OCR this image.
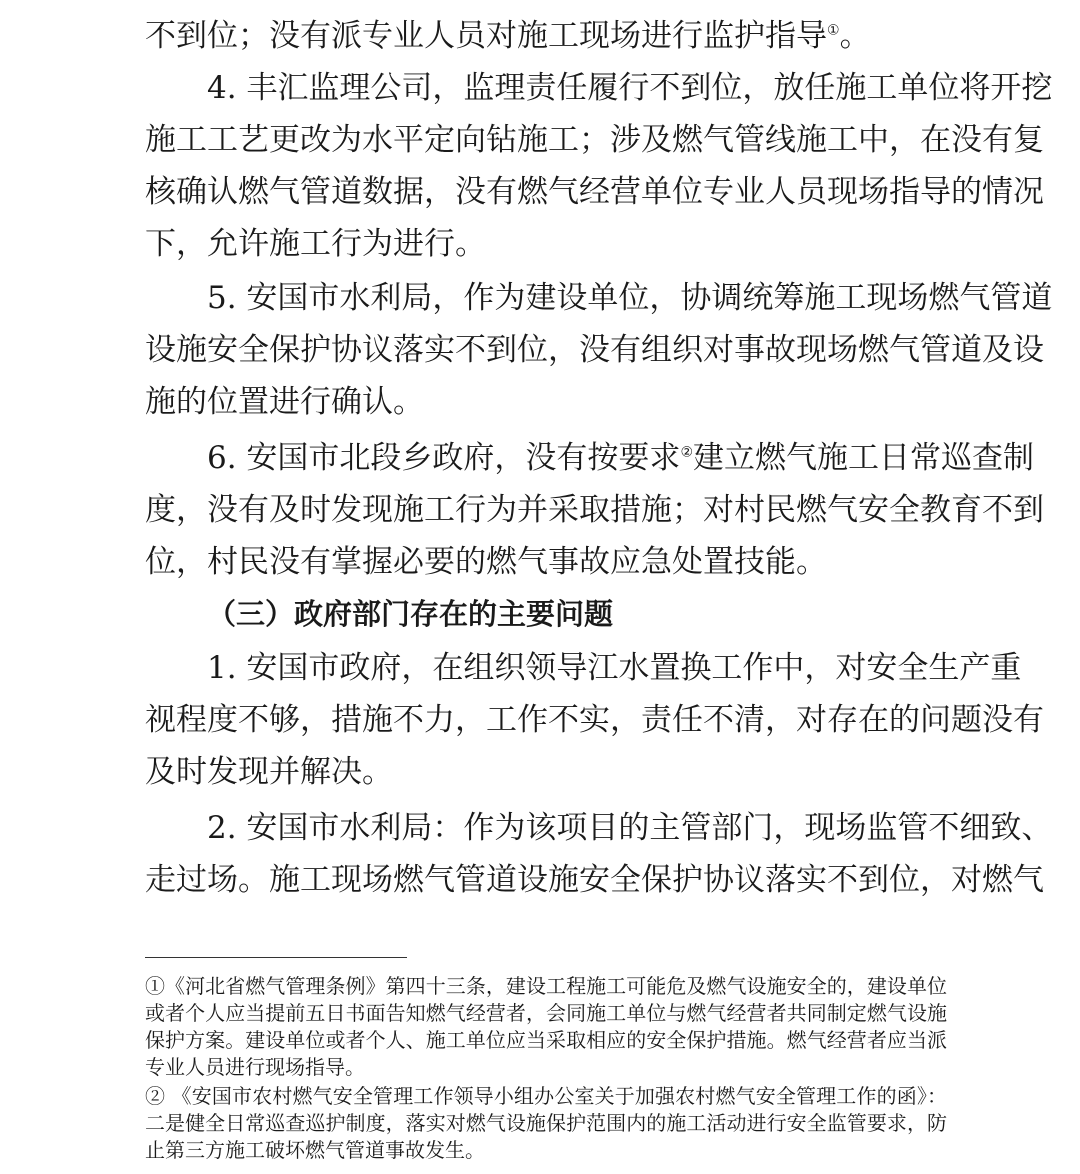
不到位；没有派专业人员对施工现场进行监护指导①。
4. 丰汇监理公司，监理责任履行不到位，放任施工单位将开挖
施工工艺更改为水平定向钻施工；涉及燃气管线施工中，在没有复
核确认燃气管道数据，没有燃气经营单位专业人员现场指导的情况
下，允许施工行为进行。
5. 安国市水利局，作为建设单位，协调统筹施工现场燃气管道
设施安全保护协议落实不到位，没有组织对事故现场燃气管道及设
施的位置进行确认。
6. 安国市北段乡政府，没有按要求②建立燃气施工日常巡查制
度，没有及时发现施工行为并采取措施；对村民燃气安全教育不到
位，村民没有掌握必要的燃气事故应急处置技能。
（三）政府部门存在的主要问题
1. 安国市政府，在组织领导江水置换工作中，对安全生产重
视程度不够，措施不力，工作不实，责任不清，对存在的问题没有
及时发现并解决。
2. 安国市水利局：作为该项目的主管部门，现场监管不细致、
走过场。施工现场燃气管道设施安全保护协议落实不到位，对燃气
①《河北省燃气管理条例》第四十三条，建设工程施工可能危及燃气设施安全的，建设单位
或者个人应当提前五日书面告知燃气经营者，会同施工单位与燃气经营者共同制定燃气设施
保护方案。建设单位或者个人、施工单位应当采取相应的安全保护措施。燃气经营者应当派
专业人员进行现场指导。
② 《安国市农村燃气安全管理工作领导小组办公室关于加强农村燃气安全管理工作的函》：
二是健全日常巡查巡护制度，落实对燃气设施保护范围内的施工活动进行安全监管要求，防
止第三方施工破坏燃气管道事故发生。
